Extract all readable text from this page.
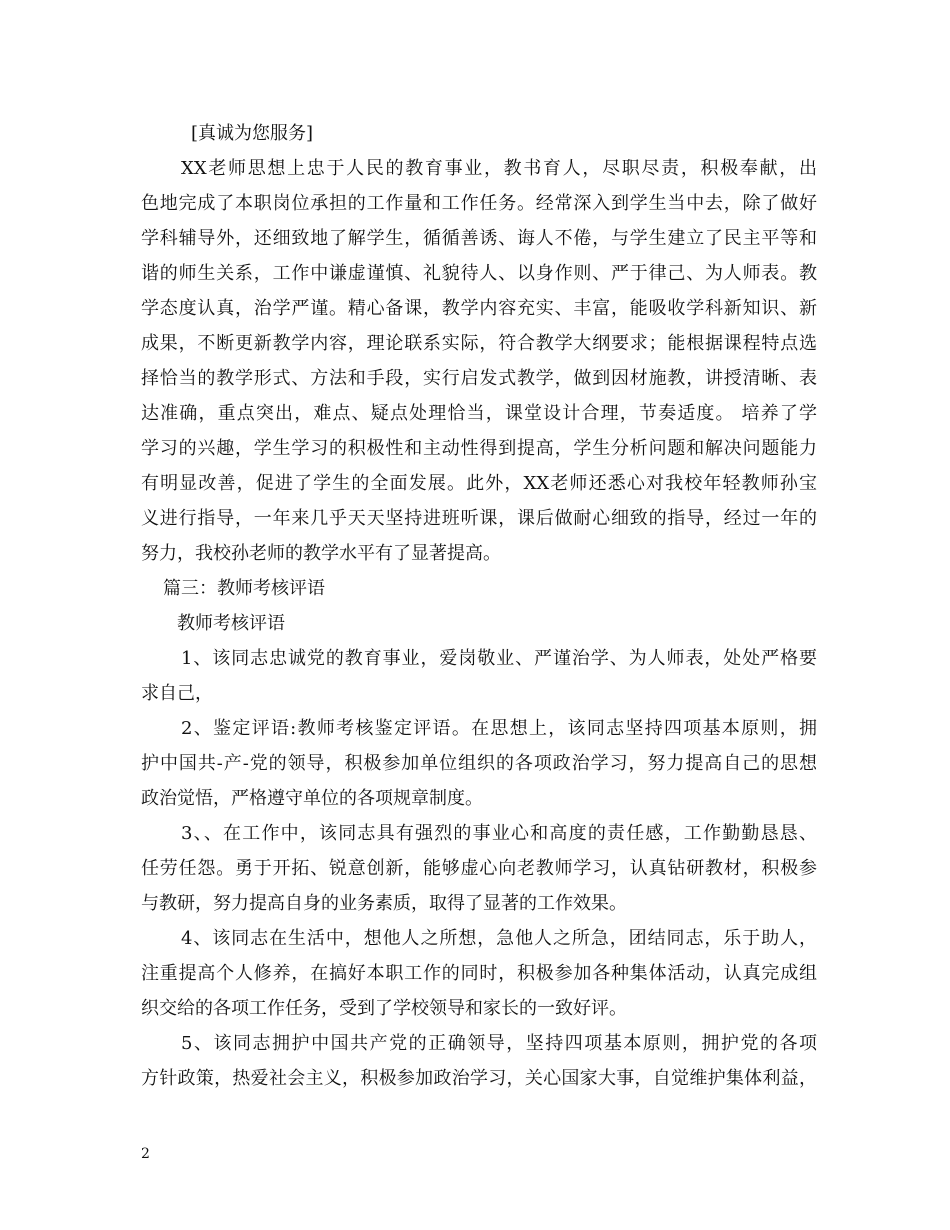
[真诚为您服务]
XX老师思想上忠于人民的教育事业，教书育人，尽职尽责，积极奉献，出
色地完成了本职岗位承担的工作量和工作任务。经常深入到学生当中去，除了做好
学科辅导外，还细致地了解学生，循循善诱、诲人不倦，与学生建立了民主平等和
谐的师生关系，工作中谦虚谨慎、礼貌待人、以身作则、严于律己、为人师表。教
学态度认真，治学严谨。精心备课，教学内容充实、丰富，能吸收学科新知识、新
成果，不断更新教学内容，理论联系实际，符合教学大纲要求；能根据课程特点选
择恰当的教学形式、方法和手段，实行启发式教学，做到因材施教，讲授清晰、表
达准确，重点突出，难点、疑点处理恰当，课堂设计合理，节奏适度。 培养了学
学习的兴趣，学生学习的积极性和主动性得到提高，学生分析问题和解决问题能力
有明显改善，促进了学生的全面发展。此外，XX老师还悉心对我校年轻教师孙宝
义进行指导，一年来几乎天天坚持进班听课，课后做耐心细致的指导，经过一年的
努力，我校孙老师的教学水平有了显著提高。
篇三：教师考核评语
教师考核评语
1、该同志忠诚党的教育事业，爱岗敬业、严谨治学、为人师表，处处严格要
求自己，
2、鉴定评语:教师考核鉴定评语。在思想上，该同志坚持四项基本原则，拥
护中国共-产-党的领导，积极参加单位组织的各项政治学习，努力提高自己的思想
政治觉悟，严格遵守单位的各项规章制度。
3、、在工作中，该同志具有强烈的事业心和高度的责任感，工作勤勤恳恳、
任劳任怨。勇于开拓、锐意创新，能够虚心向老教师学习，认真钻研教材，积极参
与教研，努力提高自身的业务素质，取得了显著的工作效果。
4、该同志在生活中，想他人之所想，急他人之所急，团结同志，乐于助人，
注重提高个人修养，在搞好本职工作的同时，积极参加各种集体活动，认真完成组
织交给的各项工作任务，受到了学校领导和家长的一致好评。
5、该同志拥护中国共产党的正确领导，坚持四项基本原则，拥护党的各项
方针政策，热爱社会主义，积极参加政治学习，关心国家大事，自觉维护集体利益，
2
